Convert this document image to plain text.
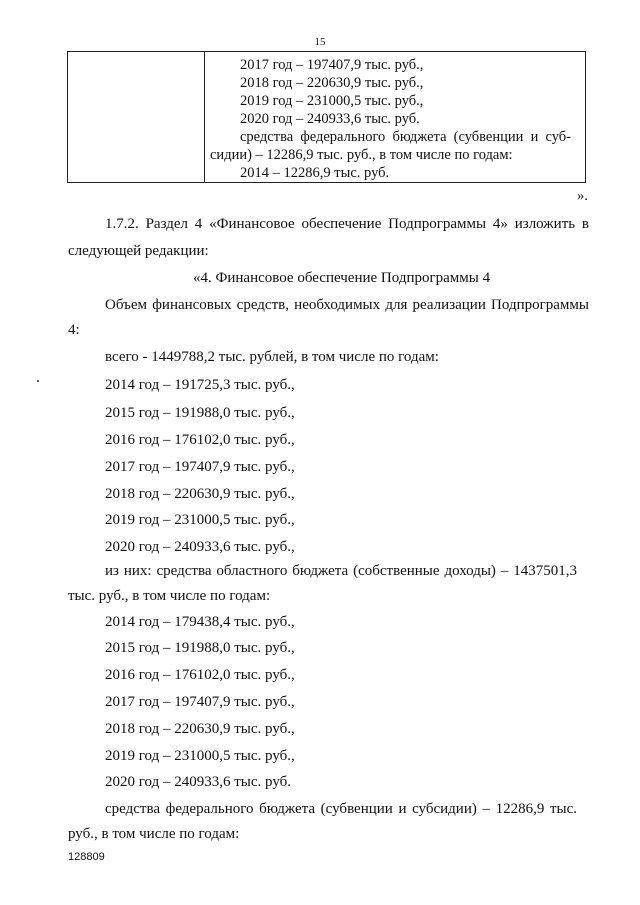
15
2017 год – 197407,9 тыс. руб.,
2018 год – 220630,9 тыс. руб.,
2019 год – 231000,5 тыс. руб.,
2020 год – 240933,6 тыс. руб.
средства федерального бюджета (субвенции и суб-
сидии) – 12286,9 тыс. руб., в том числе по годам:
2014 – 12286,9 тыс. руб.
».
1.7.2. Раздел 4 «Финансовое обеспечение Подпрограммы 4» изложить в
следующей редакции:
«4. Финансовое обеспечение Подпрограммы 4
Объем финансовых средств, необходимых для реализации Подпрограммы
4:
всего - 1449788,2 тыс. рублей, в том числе по годам:
2014 год – 191725,3 тыс. руб.,
2015 год – 191988,0 тыс. руб.,
2016 год – 176102,0 тыс. руб.,
2017 год – 197407,9 тыс. руб.,
2018 год – 220630,9 тыс. руб.,
2019 год – 231000,5 тыс. руб.,
2020 год – 240933,6 тыс. руб.,
из них: средства областного бюджета (собственные доходы) – 1437501,3
тыс. руб., в том числе по годам:
2014 год – 179438,4 тыс. руб.,
2015 год – 191988,0 тыс. руб.,
2016 год – 176102,0 тыс. руб.,
2017 год – 197407,9 тыс. руб.,
2018 год – 220630,9 тыс. руб.,
2019 год – 231000,5 тыс. руб.,
2020 год – 240933,6 тыс. руб.
средства федерального бюджета (субвенции и субсидии) – 12286,9 тыс.
руб., в том числе по годам:
128809
